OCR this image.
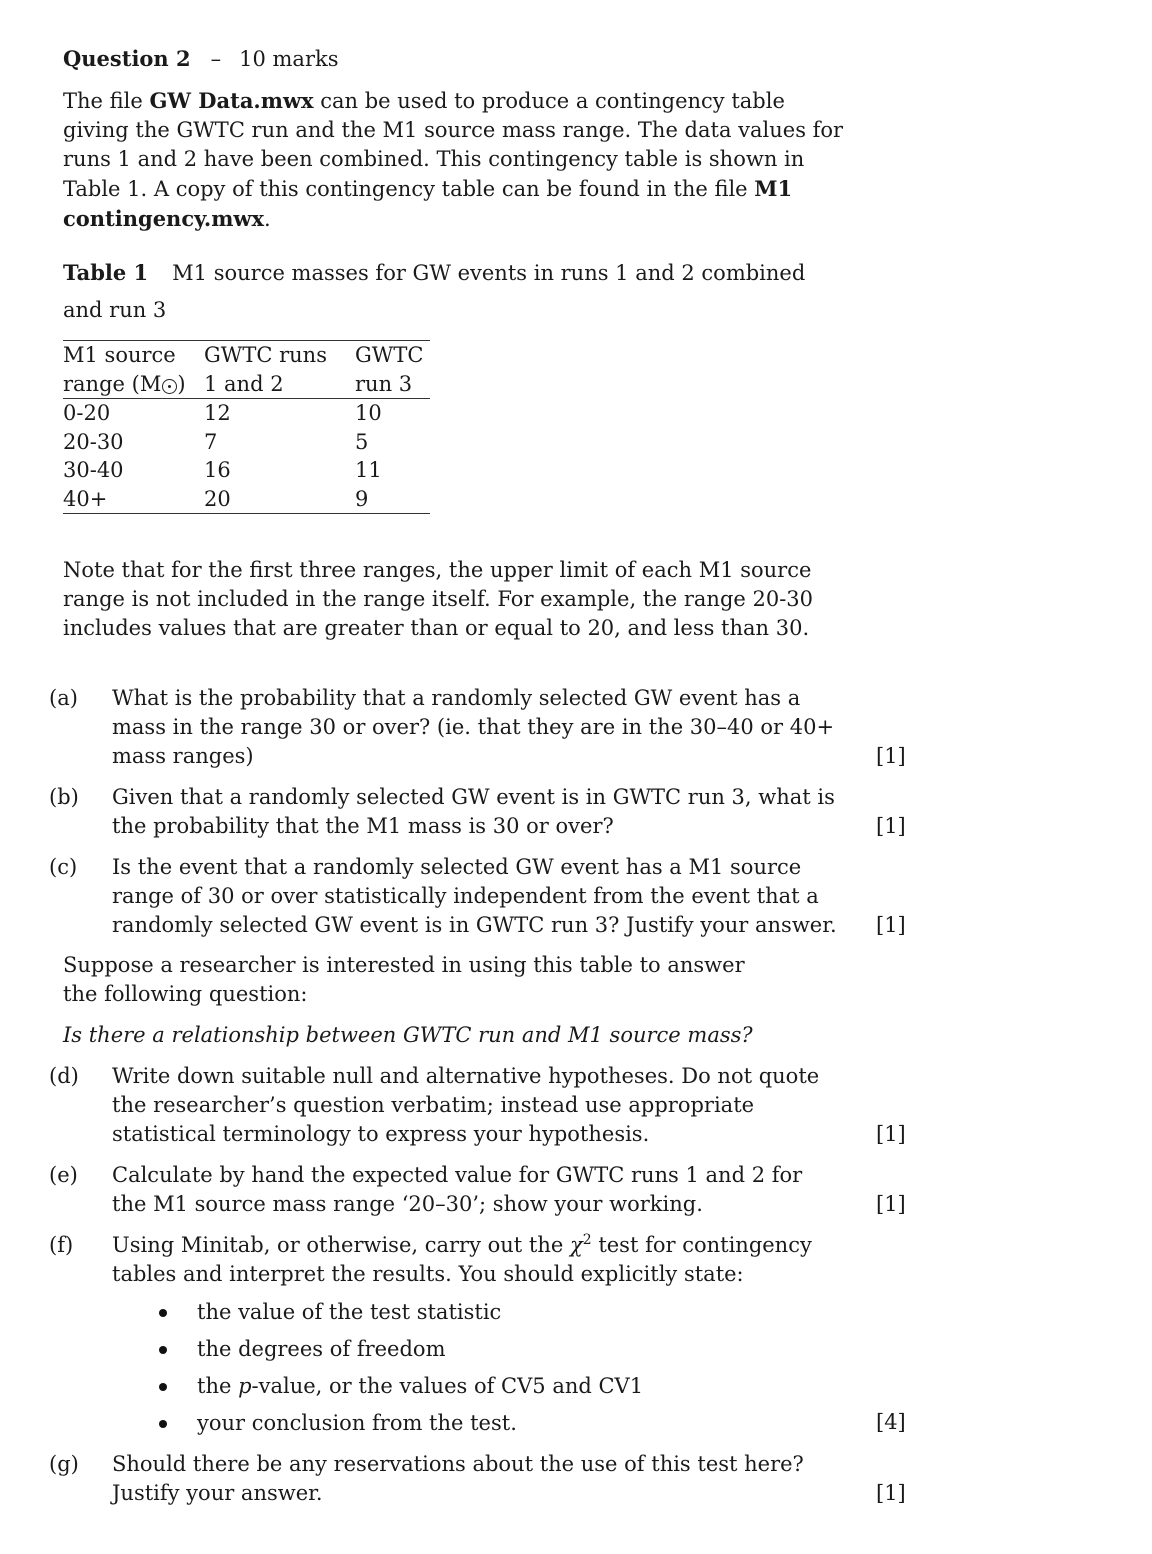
Question 2 – 10 marks
The file GW Data.mwx can be used to produce a contingency table giving the GWTC run and the M1 source mass range. The data values for runs 1 and 2 have been combined. This contingency table is shown in Table 1. A copy of this contingency table can be found in the file M1 contingency.mwx.
Table 1 M1 source masses for GW events in runs 1 and 2 combined and run 3
M1 source	GWTC runs	GWTC
range (M )	1 and 2	run 3
0-20	12	10
20-30	7	5
30-40	16	11
40+	20	9
Note that for the first three ranges, the upper limit of each M1 source range is not included in the range itself. For example, the range 20-30 includes values that are greater than or equal to 20, and less than 30.
(a) What is the probability that a randomly selected GW event has a mass in the range 30 or over? (ie. that they are in the 30–40 or 40+ mass ranges)	[1]
(b) Given that a randomly selected GW event is in GWTC run 3, what is the probability that the M1 mass is 30 or over?	[1]
(c) Is the event that a randomly selected GW event has a M1 source range of 30 or over statistically independent from the event that a randomly selected GW event is in GWTC run 3? Justify your answer. [1]
Suppose a researcher is interested in using this table to answer the following question:
Is there a relationship between GWTC run and M1 source mass?
(d) Write down suitable null and alternative hypotheses. Do not quote the researcher’s question verbatim; instead use appropriate statistical terminology to express your hypothesis.	[1]
(e) Calculate by hand the expected value for GWTC runs 1 and 2 for the M1 source mass range ‘20–30’; show your working.	[1]
(f) Using Minitab, or otherwise, carry out the $\chi^2$ test for contingency tables and interpret the results. You should explicitly state:
the value of the test statistic
the degrees of freedom
the p-value, or the values of CV5 and CV1
your conclusion from the test.	[4]
(g) Should there be any reservations about the use of this test here? Justify your answer.	[1]
